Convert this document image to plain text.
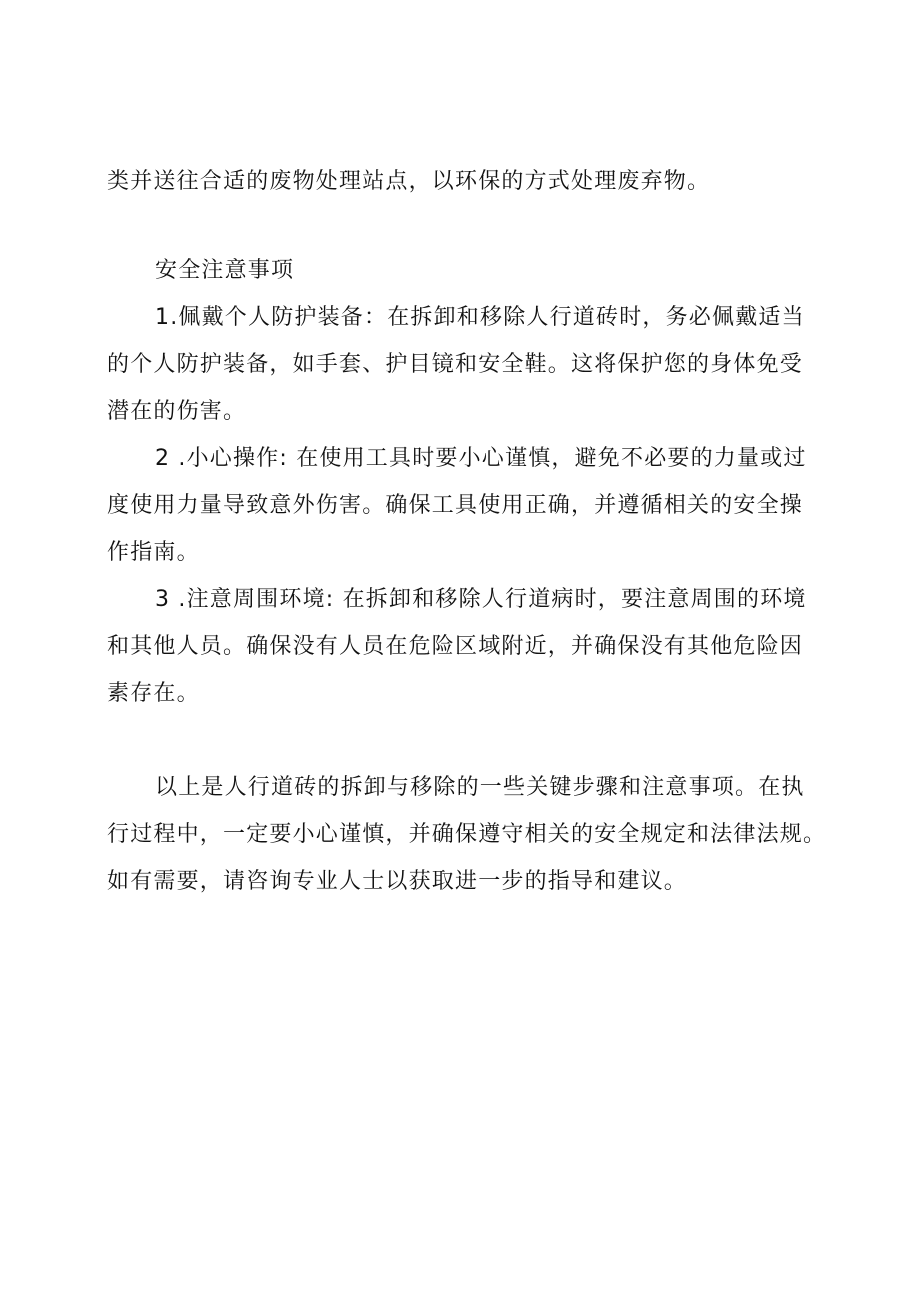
类并送往合适的废物处理站点，以环保的方式处理废弃物。
安全注意事项
1.佩戴个人防护装备：在拆卸和移除人行道砖时，务必佩戴适当
的个人防护装备，如手套、护目镜和安全鞋。这将保护您的身体免受
潜在的伤害。
2 .小心操作: 在使用工具时要小心谨慎，避免不必要的力量或过
度使用力量导致意外伤害。确保工具使用正确，并遵循相关的安全操
作指南。
3 .注意周围环境: 在拆卸和移除人行道病时，要注意周围的环境
和其他人员。确保没有人员在危险区域附近，并确保没有其他危险因
素存在。
以上是人行道砖的拆卸与移除的一些关键步骤和注意事项。在执
行过程中，一定要小心谨慎，并确保遵守相关的安全规定和法律法规。
如有需要，请咨询专业人士以获取进一步的指导和建议。
